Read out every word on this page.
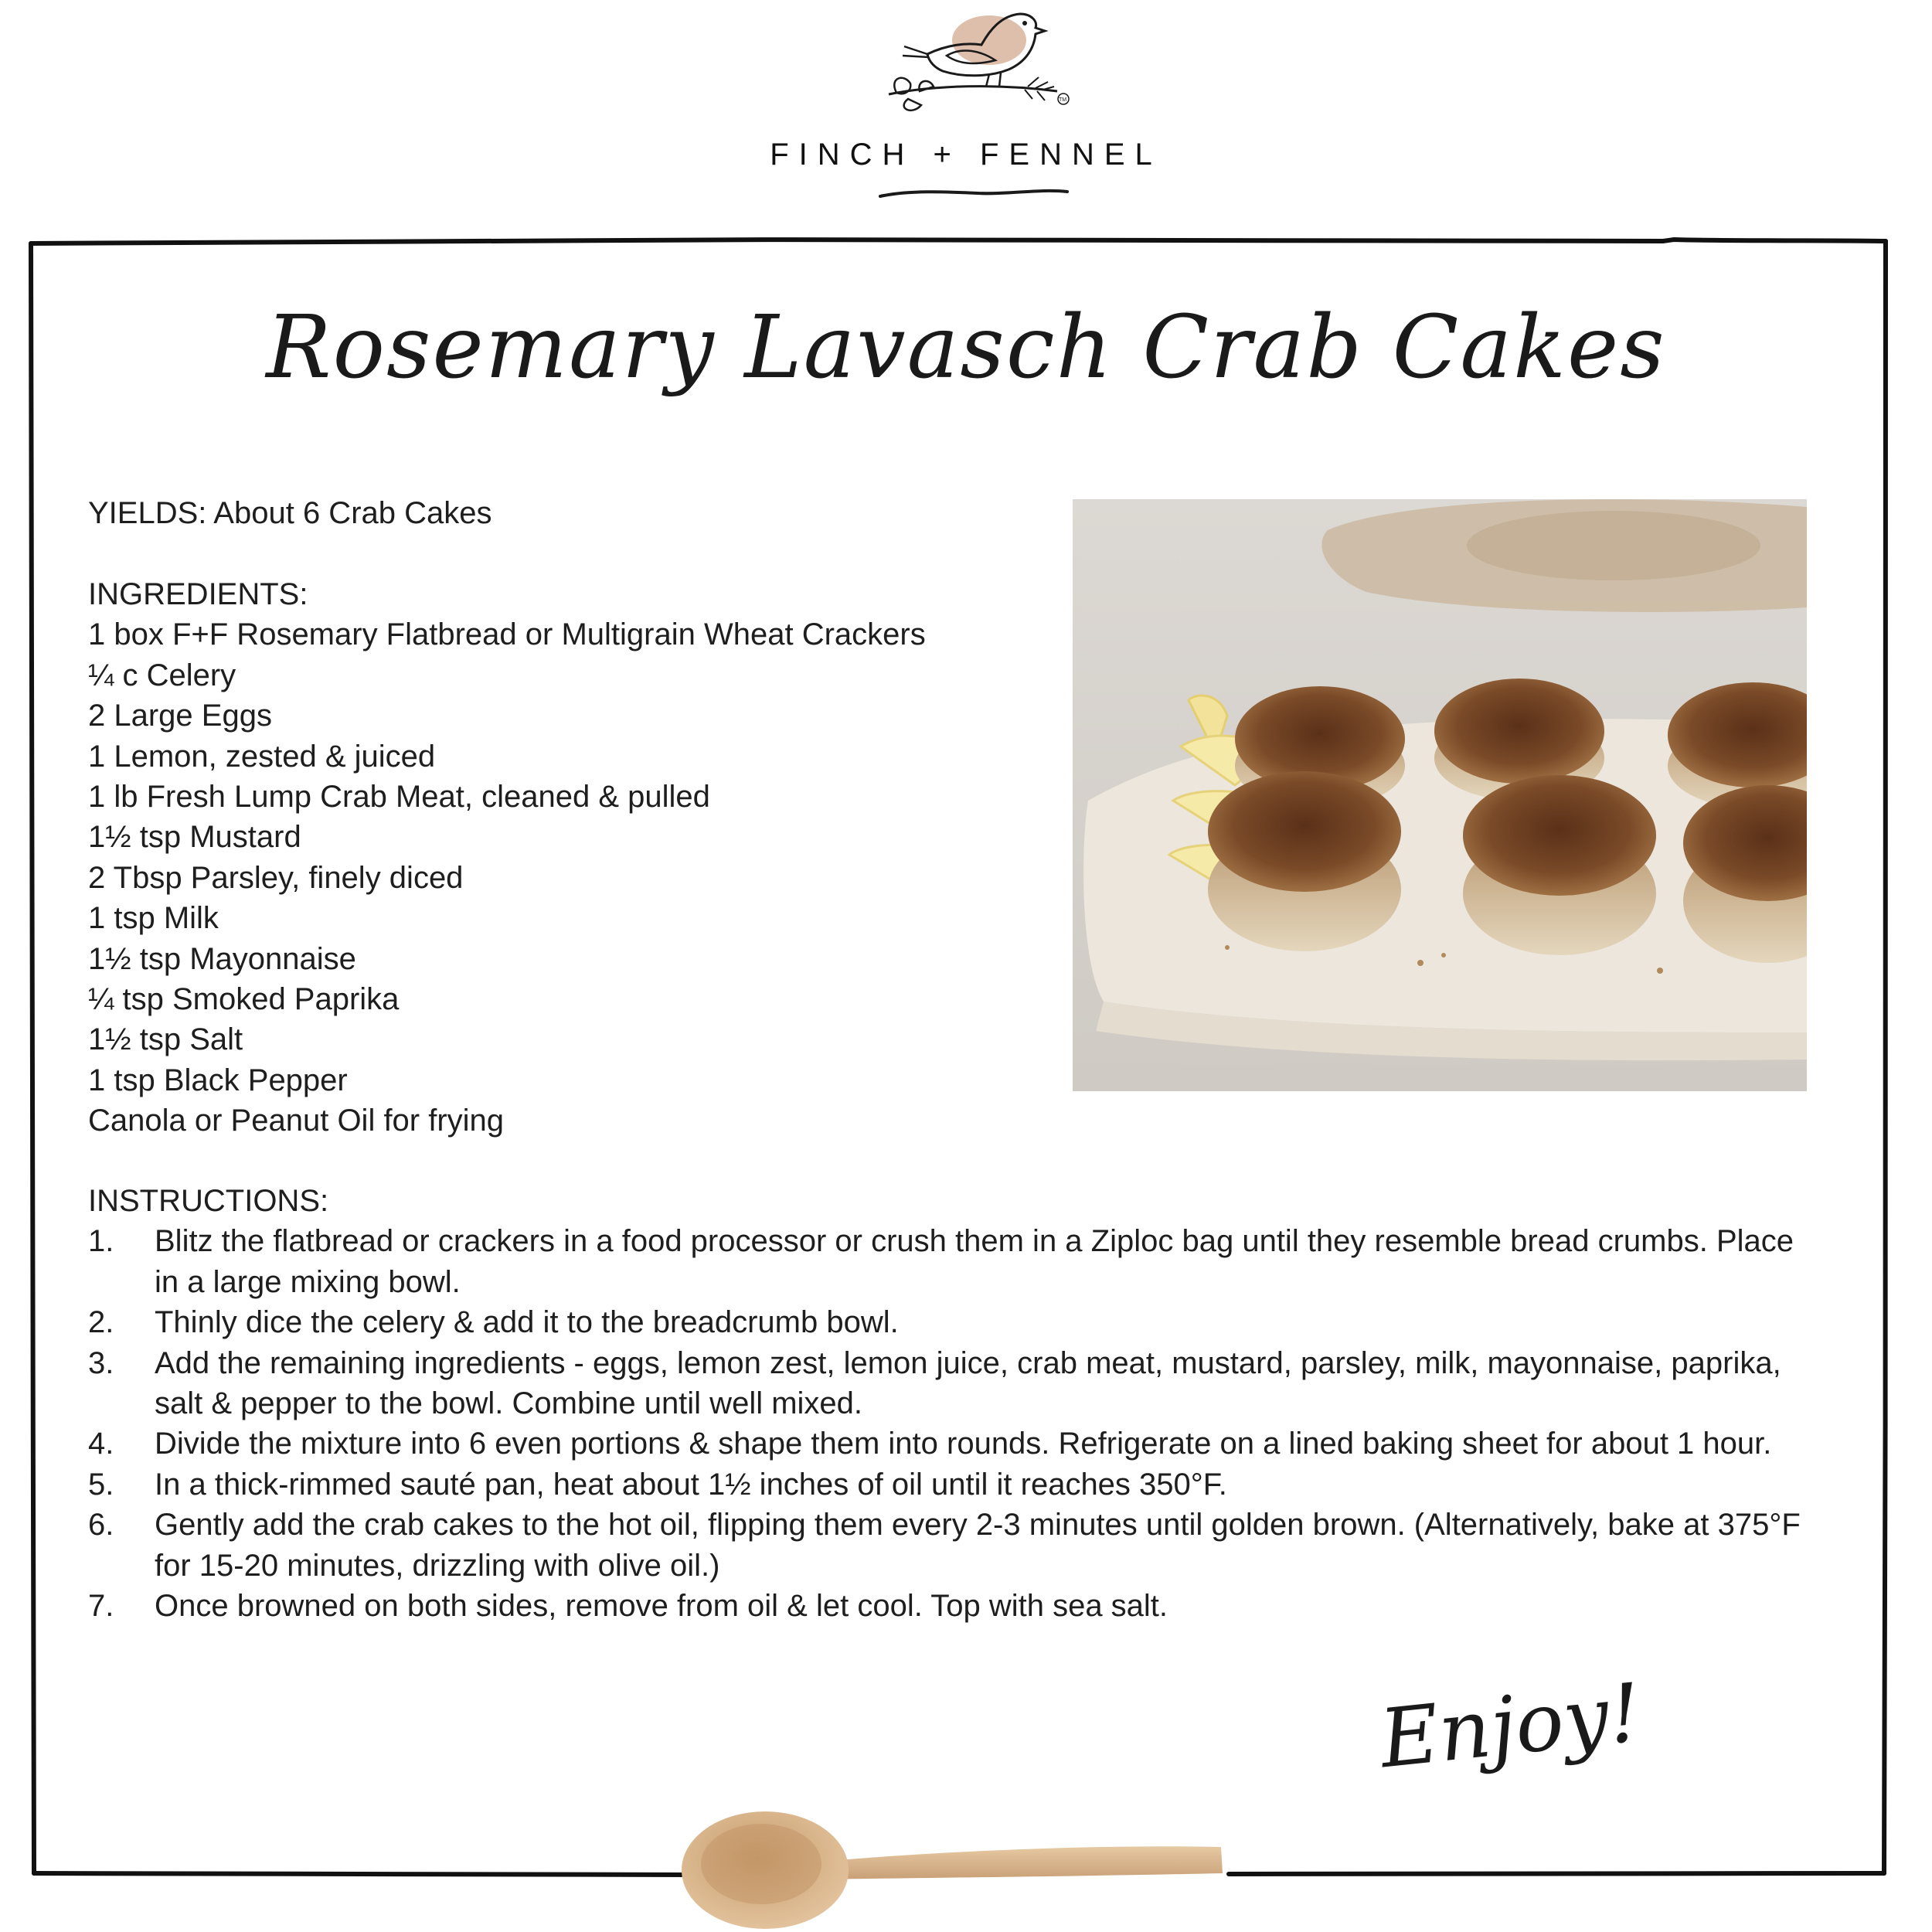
TM
FINCH + FENNEL
Rosemary Lavasch Crab Cakes
YIELDS: About 6 Crab Cakes
INGREDIENTS:
1 box F+F Rosemary Flatbread or Multigrain Wheat Crackers
¼ c Celery
2 Large Eggs
1 Lemon, zested & juiced
1 lb Fresh Lump Crab Meat, cleaned & pulled
1½ tsp Mustard
2 Tbsp Parsley, finely diced
1 tsp Milk
1½ tsp Mayonnaise
¼ tsp Smoked Paprika
1½ tsp Salt
1 tsp Black Pepper
Canola or Peanut Oil for frying
INSTRUCTIONS:
1. Blitz the flatbread or crackers in a food processor or crush them in a Ziploc bag until they resemble bread crumbs. Place in a large mixing bowl.
2. Thinly dice the celery & add it to the breadcrumb bowl.
3. Add the remaining ingredients - eggs, lemon zest, lemon juice, crab meat, mustard, parsley, milk, mayonnaise, paprika, salt & pepper to the bowl. Combine until well mixed.
4. Divide the mixture into 6 even portions & shape them into rounds. Refrigerate on a lined baking sheet for about 1 hour.
5. In a thick-rimmed sauté pan, heat about 1½ inches of oil until it reaches 350°F.
6. Gently add the crab cakes to the hot oil, flipping them every 2-3 minutes until golden brown. (Alternatively, bake at 375°F for 15-20 minutes, drizzling with olive oil.)
7. Once browned on both sides, remove from oil & let cool. Top with sea salt.
Enjoy!
